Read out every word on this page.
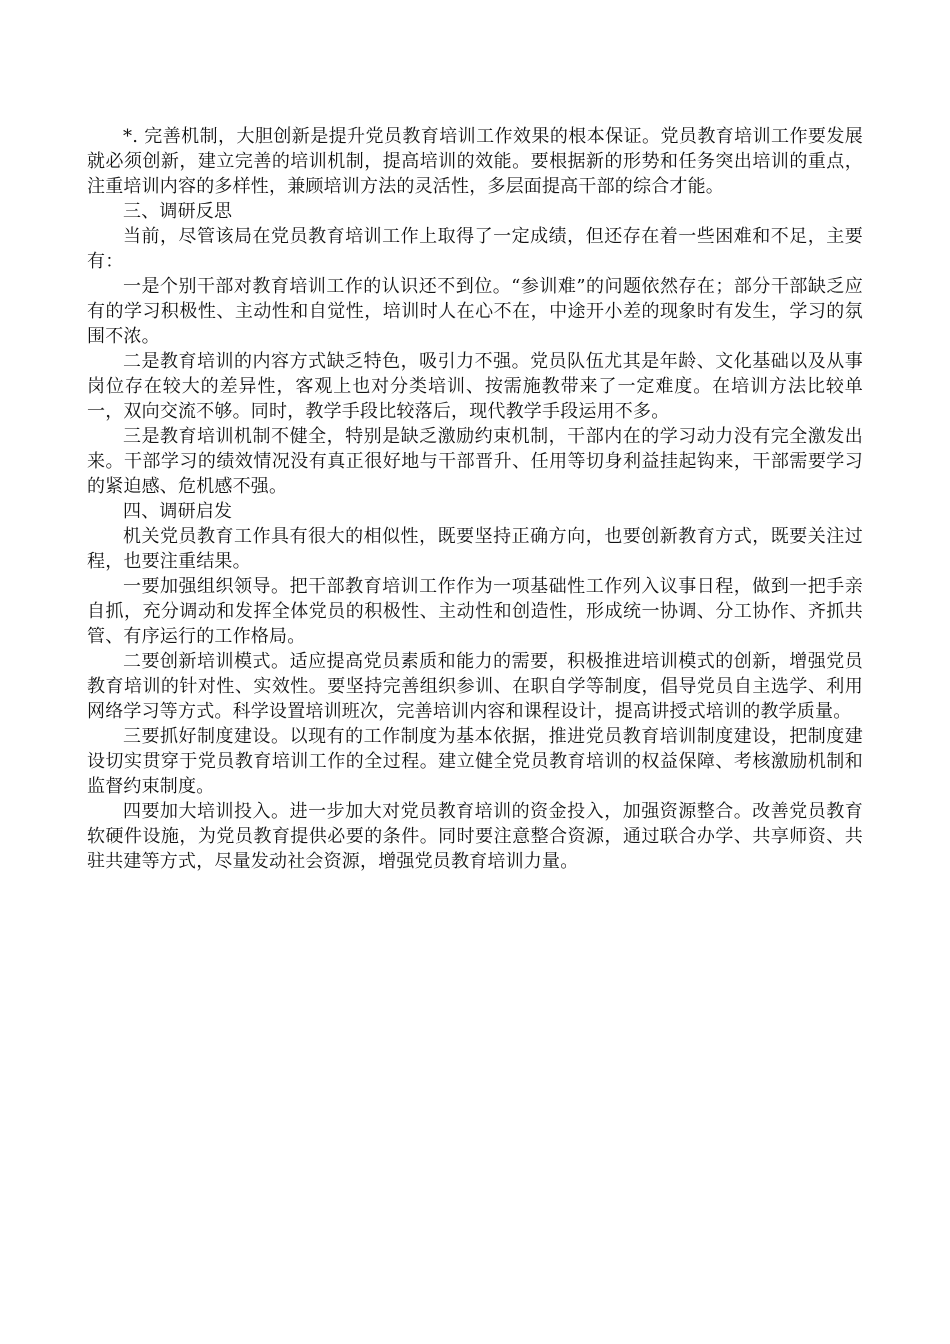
*. 完善机制，大胆创新是提升党员教育培训工作效果的根本保证。党员教育培训工作要发展就必须创新，建立完善的培训机制，提高培训的效能。要根据新的形势和任务突出培训的重点，注重培训内容的多样性，兼顾培训方法的灵活性，多层面提高干部的综合才能。

三、调研反思

当前，尽管该局在党员教育培训工作上取得了一定成绩，但还存在着一些困难和不足，主要有：

一是个别干部对教育培训工作的认识还不到位。“参训难”的问题依然存在；部分干部缺乏应有的学习积极性、主动性和自觉性，培训时人在心不在，中途开小差的现象时有发生，学习的氛围不浓。

二是教育培训的内容方式缺乏特色，吸引力不强。党员队伍尤其是年龄、文化基础以及从事岗位存在较大的差异性，客观上也对分类培训、按需施教带来了一定难度。在培训方法比较单一，双向交流不够。同时，教学手段比较落后，现代教学手段运用不多。

三是教育培训机制不健全，特别是缺乏激励约束机制，干部内在的学习动力没有完全激发出来。干部学习的绩效情况没有真正很好地与干部晋升、任用等切身利益挂起钩来，干部需要学习的紧迫感、危机感不强。

四、调研启发

机关党员教育工作具有很大的相似性，既要坚持正确方向，也要创新教育方式，既要关注过程，也要注重结果。

一要加强组织领导。把干部教育培训工作作为一项基础性工作列入议事日程，做到一把手亲自抓，充分调动和发挥全体党员的积极性、主动性和创造性，形成统一协调、分工协作、齐抓共管、有序运行的工作格局。

二要创新培训模式。适应提高党员素质和能力的需要，积极推进培训模式的创新，增强党员教育培训的针对性、实效性。要坚持完善组织参训、在职自学等制度，倡导党员自主选学、利用网络学习等方式。科学设置培训班次，完善培训内容和课程设计，提高讲授式培训的教学质量。

三要抓好制度建设。以现有的工作制度为基本依据，推进党员教育培训制度建设，把制度建设切实贯穿于党员教育培训工作的全过程。建立健全党员教育培训的权益保障、考核激励机制和监督约束制度。

四要加大培训投入。进一步加大对党员教育培训的资金投入，加强资源整合。改善党员教育软硬件设施，为党员教育提供必要的条件。同时要注意整合资源，通过联合办学、共享师资、共驻共建等方式，尽量发动社会资源，增强党员教育培训力量。
